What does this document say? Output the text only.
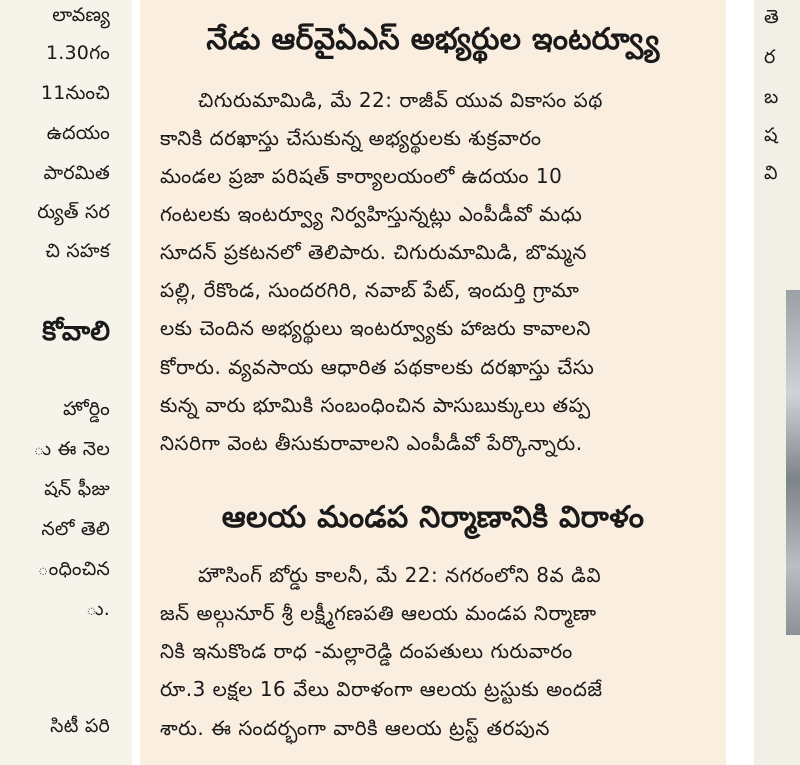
లావణ్య
1.30గం
11నుంచి
ఉదయం
పారమిత
ర్యుత్ సర
చి సహక
కోవాలి
హోర్డిం
ు ఈ నెల
షన్ ఫీజు
నలో తెలి
ంధించిన
ు.
సిటీ పరి
నేడు ఆర్‌వైఏఎస్ అభ్యర్థుల ఇంటర్వ్యూ
చిగురుమామిడి, మే 22: రాజీవ్ యువ వికాసం పథ
కానికి దరఖాస్తు చేసుకున్న అభ్యర్థులకు శుక్రవారం
మండల ప్రజా పరిషత్ కార్యాలయంలో ఉదయం 10
గంటలకు ఇంటర్వ్యూ నిర్వహిస్తున్నట్లు ఎంపీడీవో మధు
సూదన్ ప్రకటనలో తెలిపారు. చిగురుమామిడి, బొమ్మన
పల్లి, రేకొండ, సుందరగిరి, నవాబ్ పేట్, ఇందుర్తి గ్రామా
లకు చెందిన అభ్యర్థులు ఇంటర్వ్యూకు హాజరు కావాలని
కోరారు. వ్యవసాయ ఆధారిత పథకాలకు దరఖాస్తు చేసు
కున్న వారు భూమికి సంబంధించిన పాసుబుక్కులు తప్ప
నిసరిగా వెంట తీసుకురావాలని ఎంపీడీవో పేర్కొన్నారు.
ఆలయ మండప నిర్మాణానికి విరాళం
హౌసింగ్ బోర్డు కాలనీ, మే 22: నగరంలోని 8వ డివి
జన్ అల్గునూర్ శ్రీ లక్ష్మీగణపతి ఆలయ మండప నిర్మాణా
నికి ఇనుకొండ రాధ -మల్లారెడ్డి దంపతులు గురువారం
రూ.3 లక్షల 16 వేలు విరాళంగా ఆలయ ట్రస్టుకు అందజే
శారు. ఈ సందర్భంగా వారికి ఆలయ ట్రస్ట్ తరపున
తె
ర
బ
ష
వి
